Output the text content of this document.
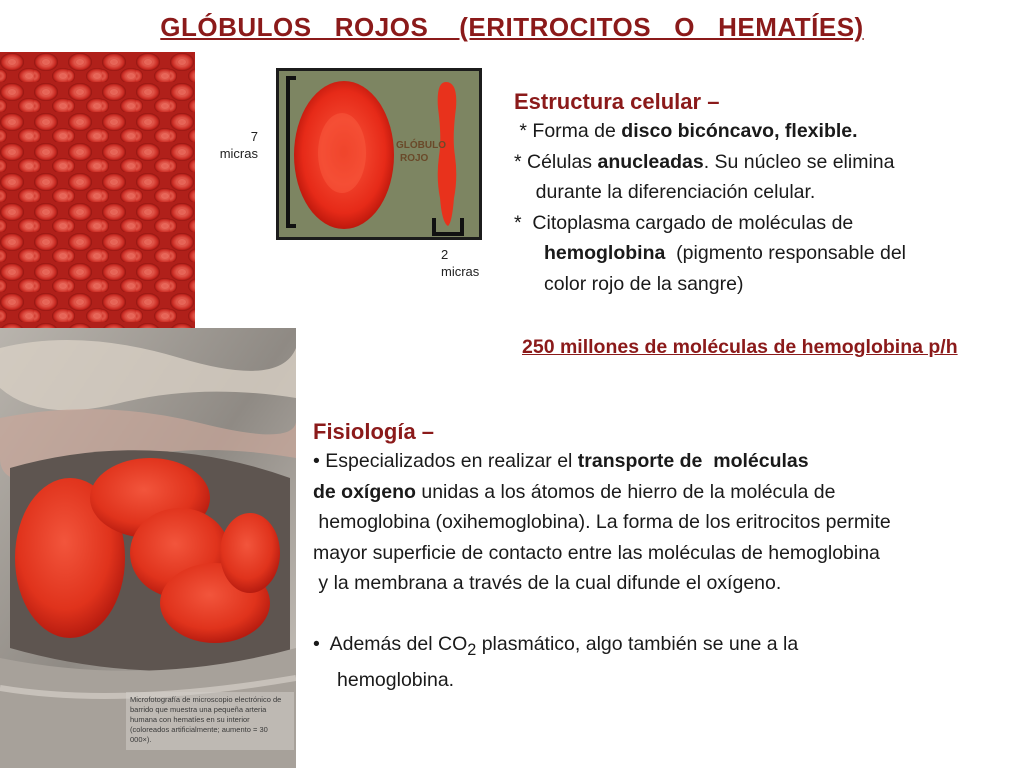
GLÓBULOS   ROJOS    (ERITROCITOS   O   HEMATÍES)
Microfotografía de microscopio electrónico de barrido que muestra una pequeña arteria humana con hematíes en su interior (coloreados artificialmente; aumento = 30 000×).
GLÓBULO
ROJO
7
micras
2
micras
Estructura celular –
* Forma de disco bicóncavo, flexible.
* Células anucleadas. Su núcleo se elimina
durante la diferenciación celular.
*  Citoplasma cargado de moléculas de
hemoglobina  (pigmento responsable del
color rojo de la sangre)
250 millones de moléculas de hemoglobina p/h
Fisiología –
• Especializados en realizar el transporte de  moléculas
de oxígeno unidas a los átomos de hierro de la molécula de
hemoglobina (oxihemoglobina). La forma de los eritrocitos permite
mayor superficie de contacto entre las moléculas de hemoglobina
y la membrana a través de la cual difunde el oxígeno.

•  Además del $CO_2$ plasmático, algo también se une a la
hemoglobina.
